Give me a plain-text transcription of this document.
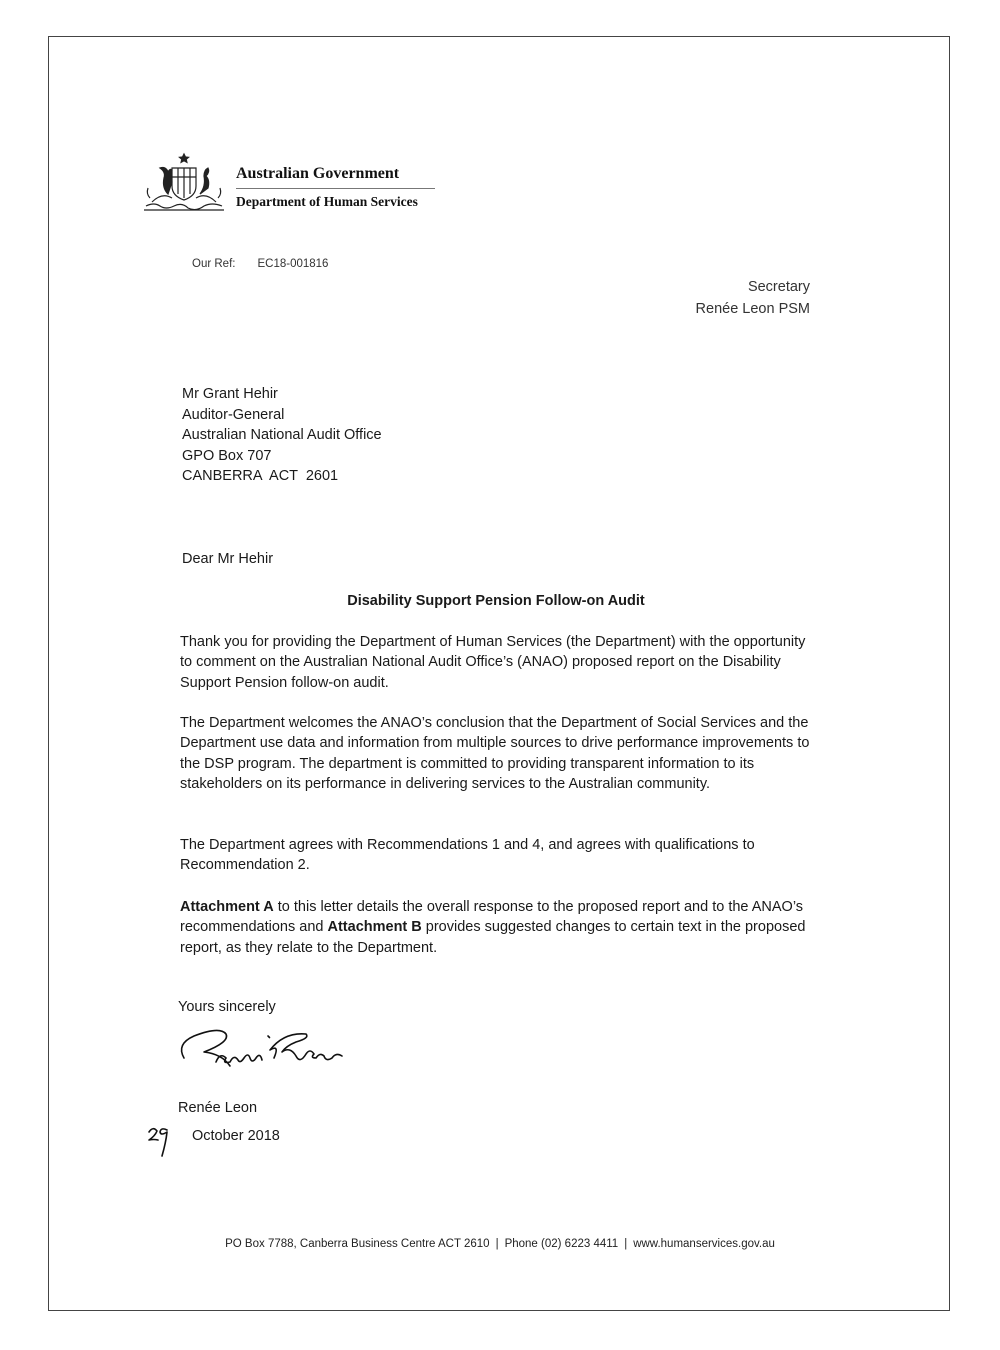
Australian Government
Department of Human Services
Our Ref: EC18-001816
Secretary
Renée Leon PSM
Mr Grant Hehir
Auditor-General
Australian National Audit Office
GPO Box 707
CANBERRA  ACT  2601
Dear Mr Hehir
Disability Support Pension Follow-on Audit

Thank you for providing the Department of Human Services (the Department) with the opportunity to comment on the Australian National Audit Office’s (ANAO) proposed report on the Disability Support Pension follow-on audit.

The Department welcomes the ANAO’s conclusion that the Department of Social Services and the Department use data and information from multiple sources to drive performance improvements to the DSP program. The department is committed to providing transparent information to its stakeholders on its performance in delivering services to the Australian community.

The Department agrees with Recommendations 1 and 4, and agrees with qualifications to Recommendation 2.

Attachment A to this letter details the overall response to the proposed report and to the ANAO’s recommendations and Attachment B provides suggested changes to certain text in the proposed report, as they relate to the Department.

Yours sincerely
Renée Leon
October 2018
PO Box 7788, Canberra Business Centre ACT 2610 | Phone (02) 6223 4411 | www.humanservices.gov.au
